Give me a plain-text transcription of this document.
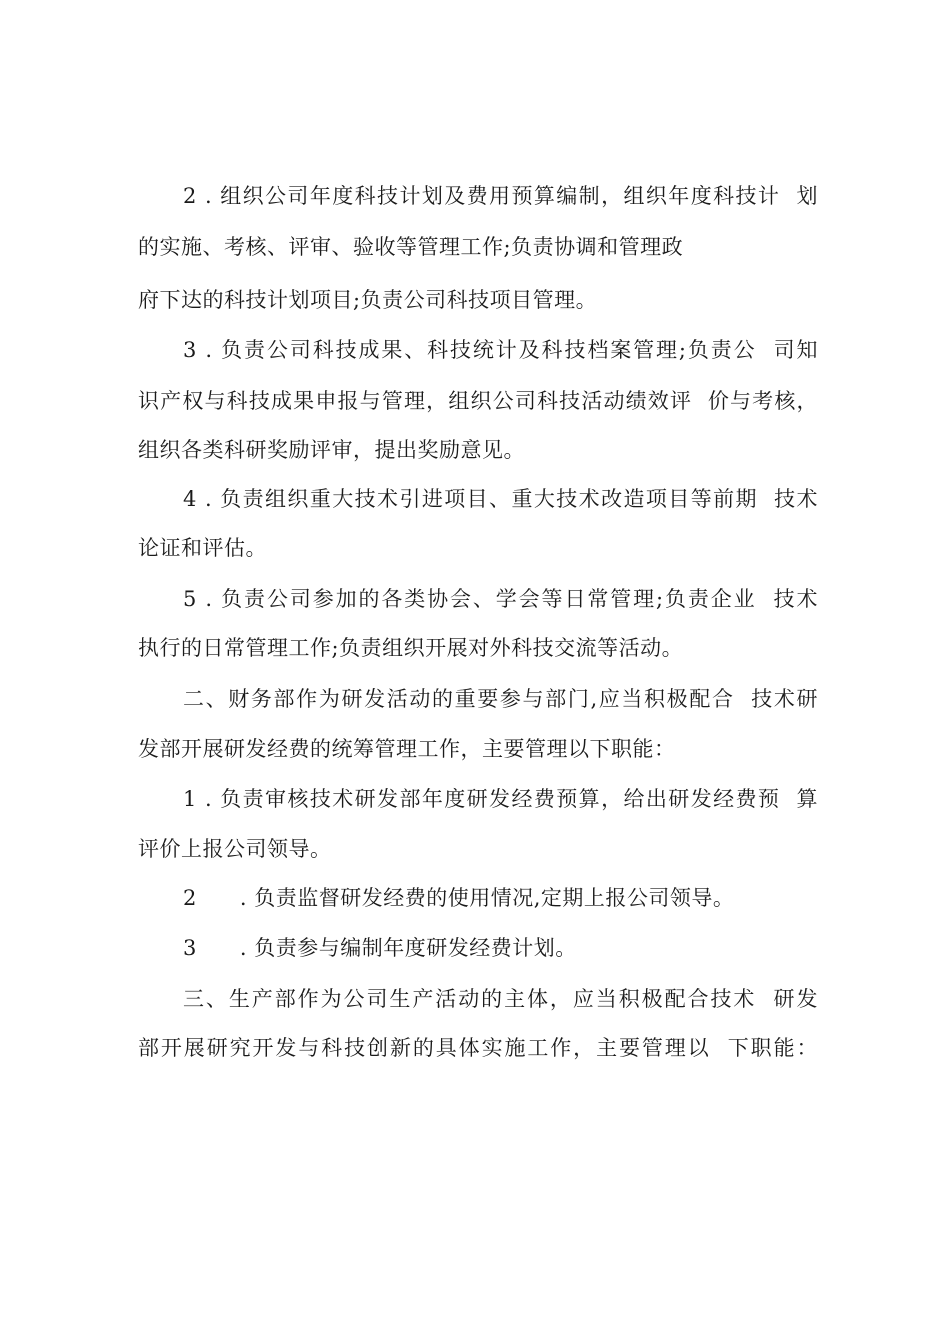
2 . 组织公司年度科技计划及费用预算编制，组织年度科技计  划
的实施、考核、评审、验收等管理工作;负责协调和管理政
府下达的科技计划项目;负责公司科技项目管理。
3 . 负责公司科技成果、科技统计及科技档案管理;负责公  司知
识产权与科技成果申报与管理，组织公司科技活动绩效评  价与考核，
组织各类科研奖励评审，提出奖励意见。
4 . 负责组织重大技术引进项目、重大技术改造项目等前期  技术
论证和评估。
5 . 负责公司参加的各类协会、学会等日常管理;负责企业  技术
执行的日常管理工作;负责组织开展对外科技交流等活动。
二、财务部作为研发活动的重要参与部门,应当积极配合  技术研
发部开展研发经费的统筹管理工作，主要管理以下职能：
1 . 负责审核技术研发部年度研发经费预算，给出研发经费预  算
评价上报公司领导。
2      . 负责监督研发经费的使用情况,定期上报公司领导。
3      . 负责参与编制年度研发经费计划。
三、生产部作为公司生产活动的主体，应当积极配合技术  研发
部开展研究开发与科技创新的具体实施工作，主要管理以  下职能：
